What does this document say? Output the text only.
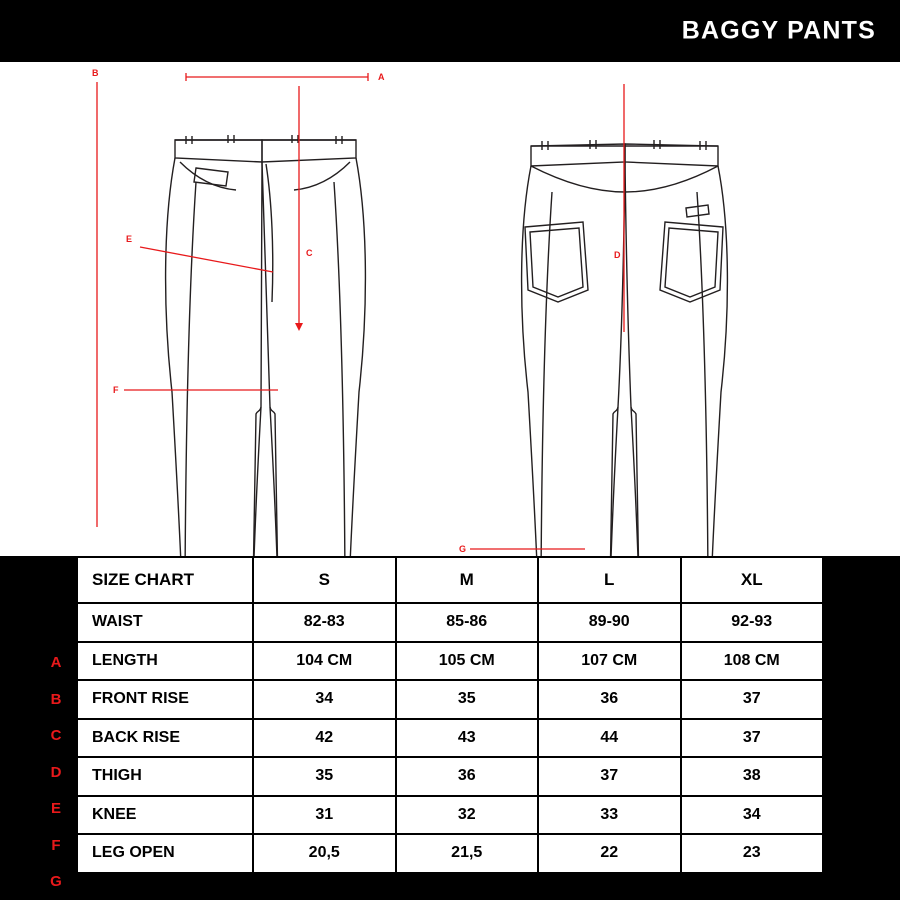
BAGGY PANTS
A
B
C
E
F
D
G

A
B
C
D
E
F
G
SIZE CHART	S	M	L	XL
WAIST	82-83	85-86	89-90	92-93
LENGTH	104 CM	105 CM	107 CM	108 CM
FRONT RISE	34	35	36	37
BACK RISE	42	43	44	37
THIGH	35	36	37	38
KNEE	31	32	33	34
LEG OPEN	20,5	21,5	22	23
